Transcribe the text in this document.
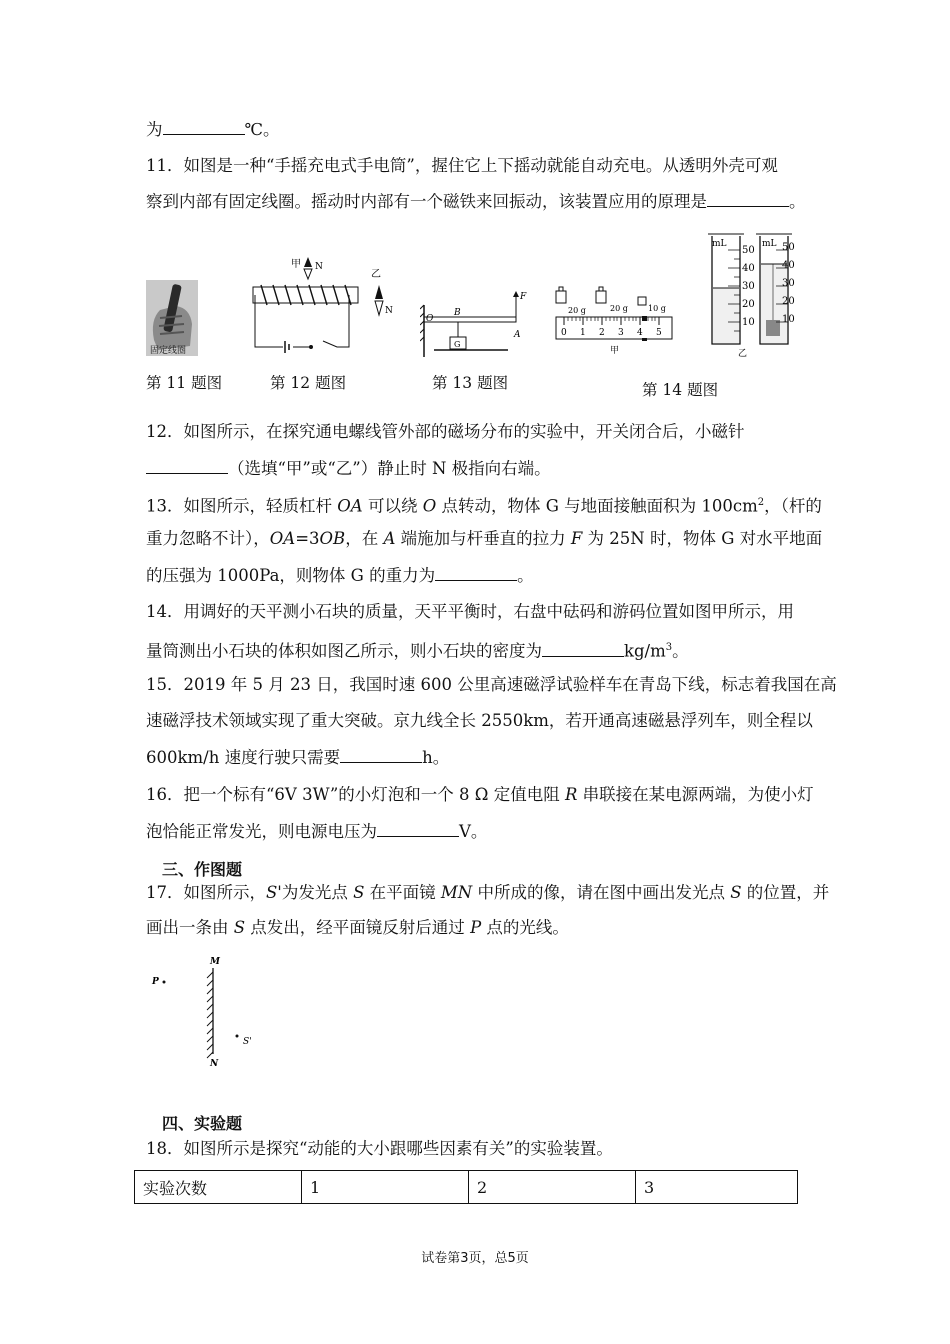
为	℃。
11．如图是一种“手摇充电式手电筒”，握住它上下摇动就能自动充电。从透明外壳可观
察到内部有固定线圈。摇动时内部有一个磁铁来回振动，该装置应用的原理是	。
固定线圈
甲 N
乙
N
O
B
G
F
A
20 g	20 g	10 g
0 1 2 3 4 5
甲
mL
50
40
30
20
10
mL 50
40
30
20
10
乙
第 11 题图	第 12 题图	第 13 题图	第 14 题图
12．如图所示，在探究通电螺线管外部的磁场分布的实验中，开关闭合后，小磁针
（选填“甲”或“乙”）静止时 N 极指向右端。
13．如图所示，轻质杠杆 OA 可以绕 O 点转动，物体 G 与地面接触面积为 $100cm^2$，（杆的
重力忽略不计），OA=3OB，在 A 端施加与杆垂直的拉力 F 为 25N 时，物体 G 对水平地面
的压强为 1000Pa，则物体 G 的重力为	。
14．用调好的天平测小石块的质量，天平平衡时，右盘中砝码和游码位置如图甲所示，用
量筒测出小石块的体积如图乙所示，则小石块的密度为	$kg/m^3$。
15．2019 年 5 月 23 日，我国时速 600 公里高速磁浮试验样车在青岛下线，标志着我国在高
速磁浮技术领域实现了重大突破。京九线全长 2550km，若开通高速磁悬浮列车，则全程以
600km/h 速度行驶只需要	h。
16．把一个标有“6V 3W”的小灯泡和一个 8 Ω 定值电阻 R 串联接在某电源两端，为使小灯
泡恰能正常发光，则电源电压为	V。
三、作图题
17．如图所示，S'为发光点 S 在平面镜 MN 中所成的像，请在图中画出发光点 S 的位置，并
画出一条由 S 点发出，经平面镜反射后通过 P 点的光线。
P
M
N
S'
四、实验题
18．如图所示是探究“动能的大小跟哪些因素有关”的实验装置。
实验次数	1	2	3
试卷第3页，总5页
